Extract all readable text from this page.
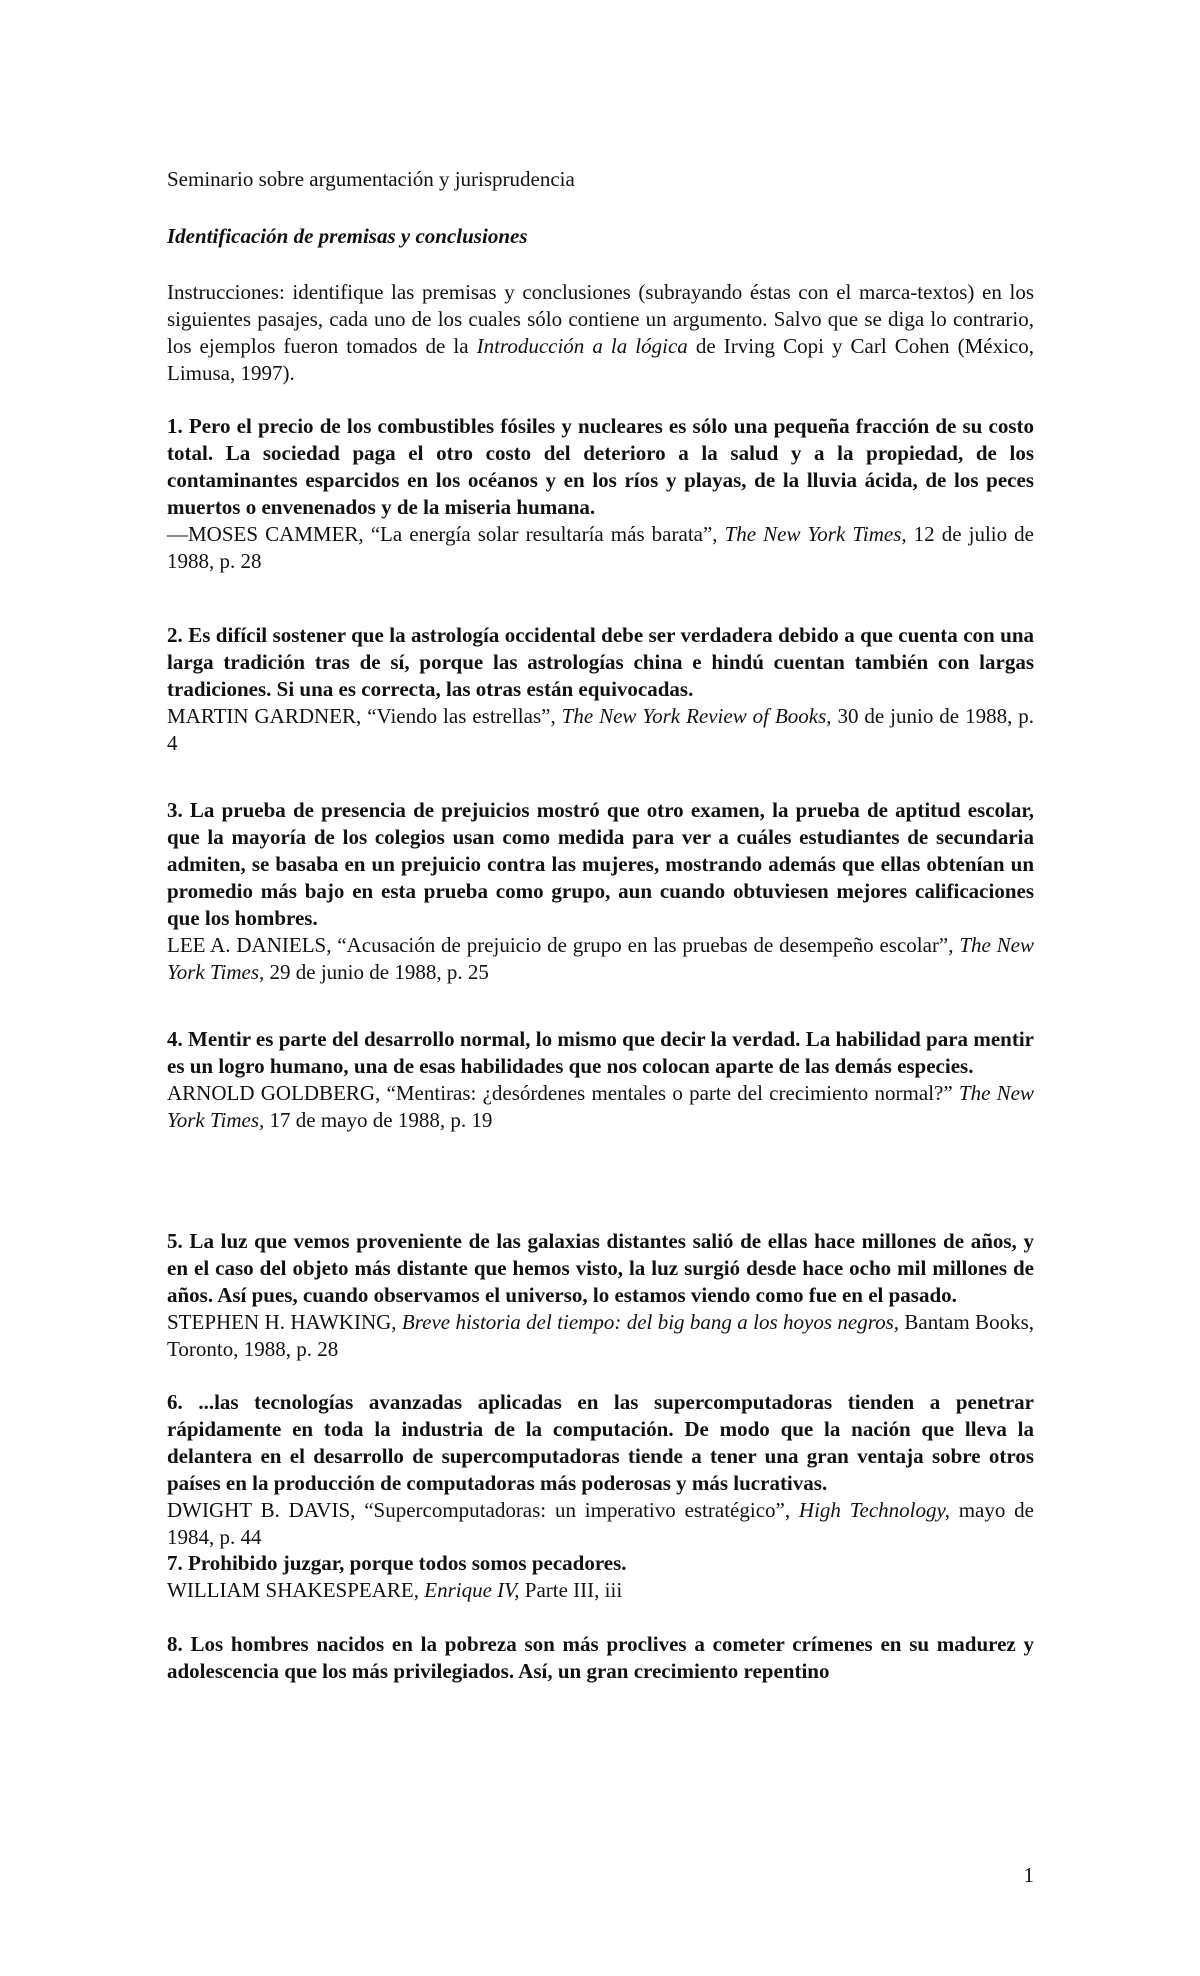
Seminario sobre argumentación y jurisprudencia

Identificación de premisas y conclusiones

Instrucciones: identifique las premisas y conclusiones (subrayando éstas con el marca-textos) en los siguientes pasajes, cada uno de los cuales sólo contiene un argumento. Salvo que se diga lo contrario, los ejemplos fueron tomados de la Introducción a la lógica de Irving Copi y Carl Cohen (México, Limusa, 1997).

1. Pero el precio de los combustibles fósiles y nucleares es sólo una pequeña fracción de su costo total. La sociedad paga el otro costo del deterioro a la salud y a la propiedad, de los contaminantes esparcidos en los océanos y en los ríos y playas, de la lluvia ácida, de los peces muertos o envenenados y de la miseria humana.
—MOSES CAMMER, “La energía solar resultaría más barata”, The New York Times, 12 de julio de 1988, p. 28
2. Es difícil sostener que la astrología occidental debe ser verdadera debido a que cuenta con una larga tradición tras de sí, porque las astrologías china e hindú cuentan también con largas tradiciones. Si una es correcta, las otras están equivocadas.
MARTIN GARDNER, “Viendo las estrellas”, The New York Review of Books, 30 de junio de 1988, p. 4
3. La prueba de presencia de prejuicios mostró que otro examen, la prueba de aptitud escolar, que la mayoría de los colegios usan como medida para ver a cuáles estudiantes de secundaria admiten, se basaba en un prejuicio contra las mujeres, mostrando además que ellas obtenían un promedio más bajo en esta prueba como grupo, aun cuando obtuviesen mejores calificaciones que los hombres.
LEE A. DANIELS, “Acusación de prejuicio de grupo en las pruebas de desempeño escolar”, The New York Times, 29 de junio de 1988, p. 25
4. Mentir es parte del desarrollo normal, lo mismo que decir la verdad. La habilidad para mentir es un logro humano, una de esas habilidades que nos colocan aparte de las demás especies.
ARNOLD GOLDBERG, “Mentiras: ¿desórdenes mentales o parte del crecimiento normal?” The New York Times, 17 de mayo de 1988, p. 19
5. La luz que vemos proveniente de las galaxias distantes salió de ellas hace millones de años, y en el caso del objeto más distante que hemos visto, la luz surgió desde hace ocho mil millones de años. Así pues, cuando observamos el universo, lo estamos viendo como fue en el pasado.
STEPHEN H. HAWKING, Breve historia del tiempo: del big bang a los hoyos negros, Bantam Books, Toronto, 1988, p. 28
6. ...las tecnologías avanzadas aplicadas en las supercomputadoras tienden a penetrar rápidamente en toda la industria de la computación. De modo que la nación que lleva la delantera en el desarrollo de supercomputadoras tiende a tener una gran ventaja sobre otros países en la producción de computadoras más poderosas y más lucrativas.
DWIGHT B. DAVIS, “Supercomputadoras: un imperativo estratégico”, High Technology, mayo de 1984, p. 44
7. Prohibido juzgar, porque todos somos pecadores.
WILLIAM SHAKESPEARE, Enrique IV, Parte III, iii
8. Los hombres nacidos en la pobreza son más proclives a cometer crímenes en su madurez y adolescencia que los más privilegiados. Así, un gran crecimiento repentino
1
